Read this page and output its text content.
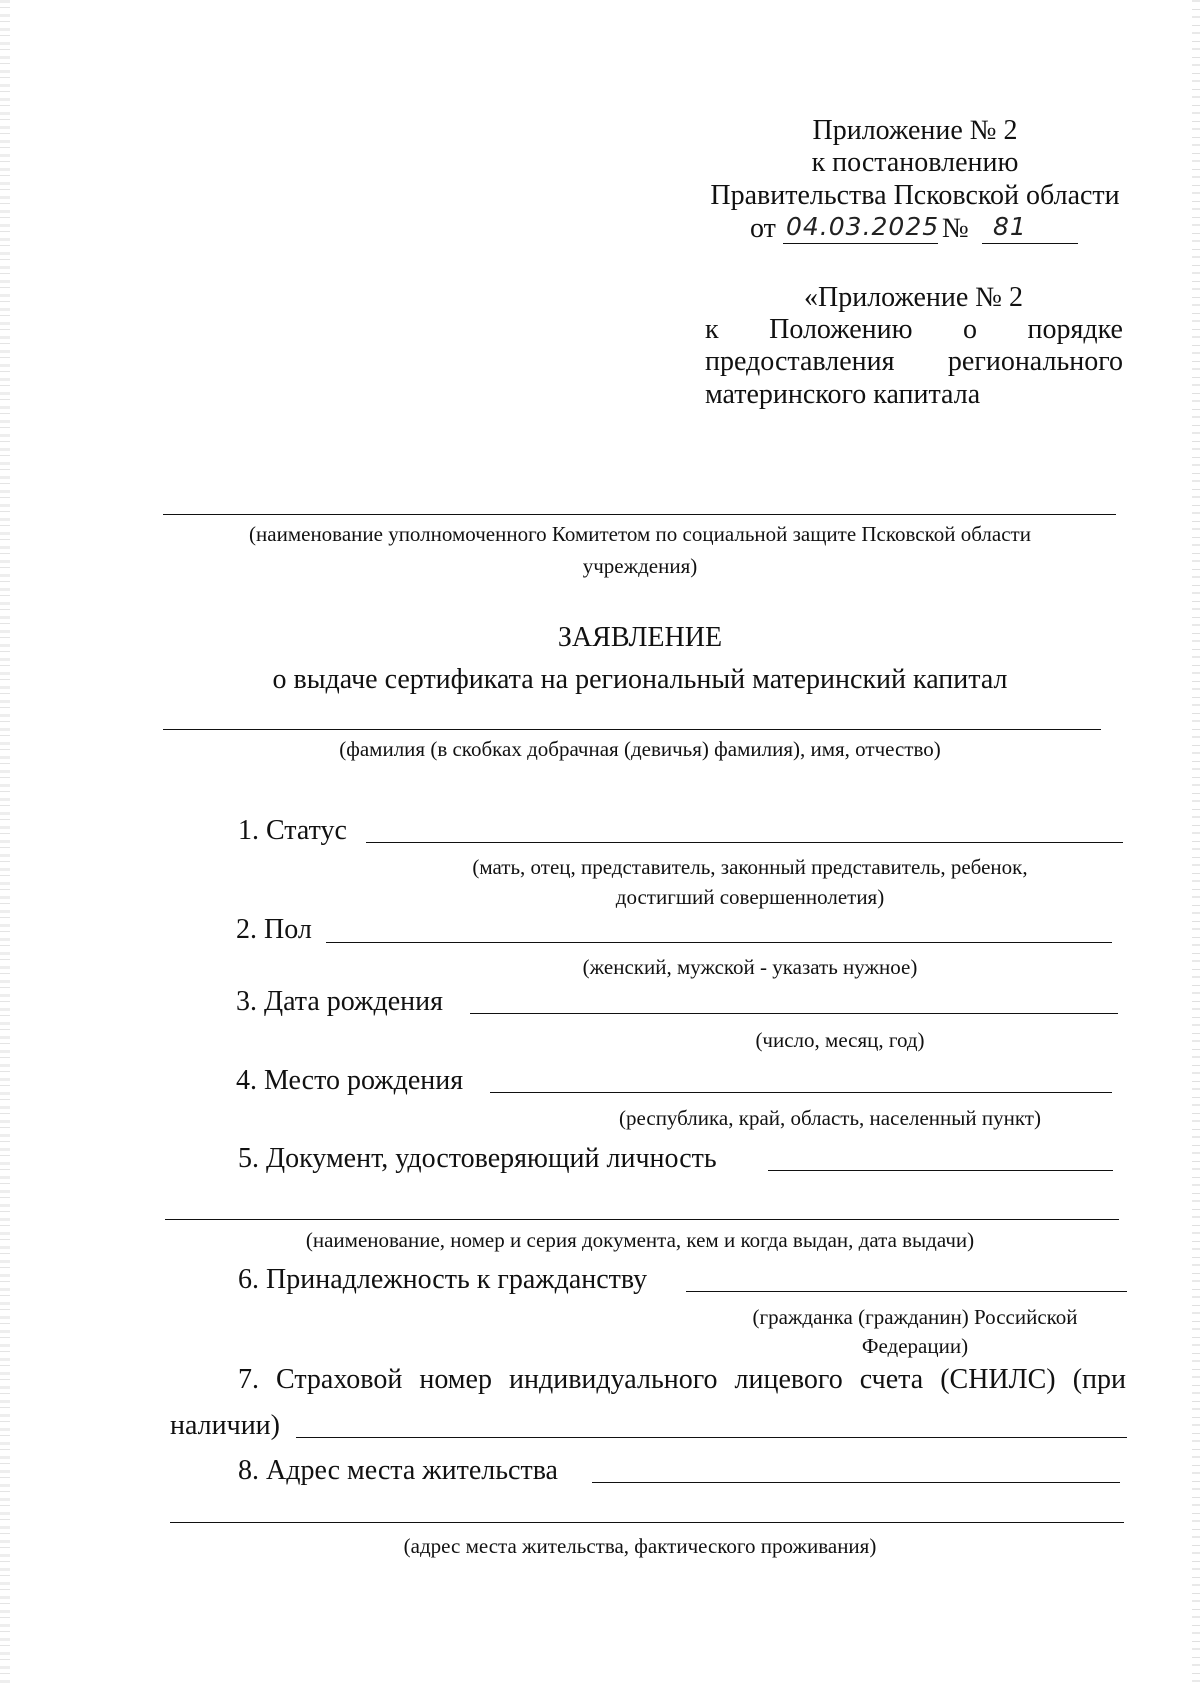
Приложение № 2
к постановлению
Правительства Псковской области
от 04.03.2025 № 81
«Приложение № 2
к Положению о порядке
предоставления регионального
материнского капитала
(наименование уполномоченного Комитетом по социальной защите Псковской области
учреждения)
ЗАЯВЛЕНИЕ
о выдаче сертификата на региональный материнский капитал
(фамилия (в скобках добрачная (девичья) фамилия), имя, отчество)
1. Статус
(мать, отец, представитель, законный представитель, ребенок,
достигший совершеннолетия)
2. Пол
(женский, мужской - указать нужное)
3. Дата рождения
(число, месяц, год)
4. Место рождения
(республика, край, область, населенный пункт)
5. Документ, удостоверяющий личность
(наименование, номер и серия документа, кем и когда выдан, дата выдачи)
6. Принадлежность к гражданству
(гражданка (гражданин) Российской
Федерации)
7. Страховой номер индивидуального лицевого счета (СНИЛС) (при
наличии)
8. Адрес места жительства
(адрес места жительства, фактического проживания)
